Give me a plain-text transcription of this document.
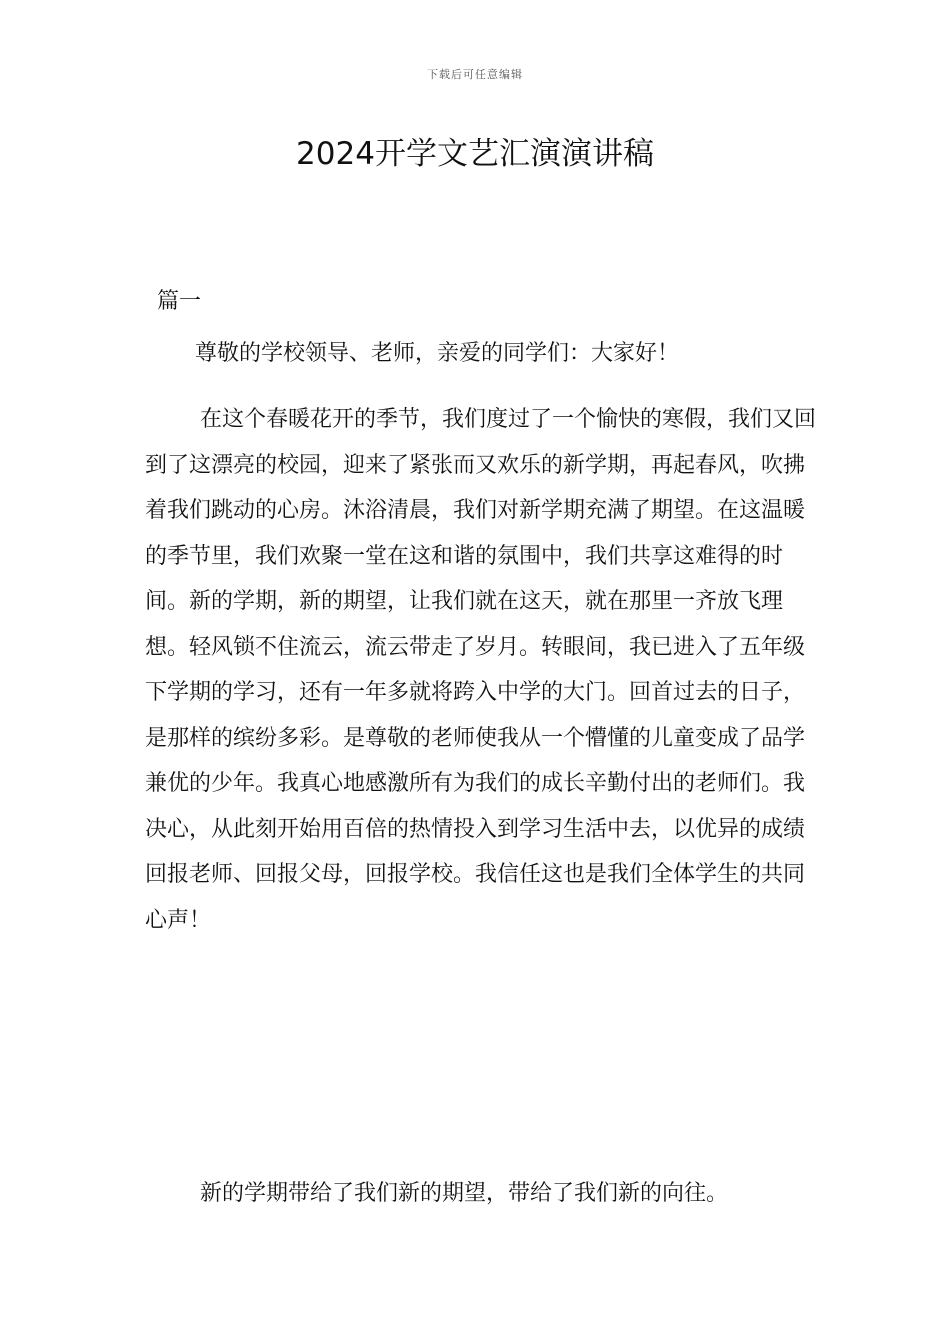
下载后可任意编辑
2024开学文艺汇演演讲稿

篇一

尊敬的学校领导、老师，亲爱的同学们：大家好！

在这个春暖花开的季节，我们度过了一个愉快的寒假，我们又回到了这漂亮的校园，迎来了紧张而又欢乐的新学期，再起春风，吹拂着我们跳动的心房。沐浴清晨，我们对新学期充满了期望。在这温暖的季节里，我们欢聚一堂在这和谐的氛围中，我们共享这难得的时间。新的学期，新的期望，让我们就在这天，就在那里一齐放飞理想。轻风锁不住流云，流云带走了岁月。转眼间，我已进入了五年级下学期的学习，还有一年多就将跨入中学的大门。回首过去的日子，是那样的缤纷多彩。是尊敬的老师使我从一个懵懂的儿童变成了品学兼优的少年。我真心地感激所有为我们的成长辛勤付出的老师们。我决心，从此刻开始用百倍的热情投入到学习生活中去，以优异的成绩回报老师、回报父母，回报学校。我信任这也是我们全体学生的共同心声！

新的学期带给了我们新的期望，带给了我们新的向往。
